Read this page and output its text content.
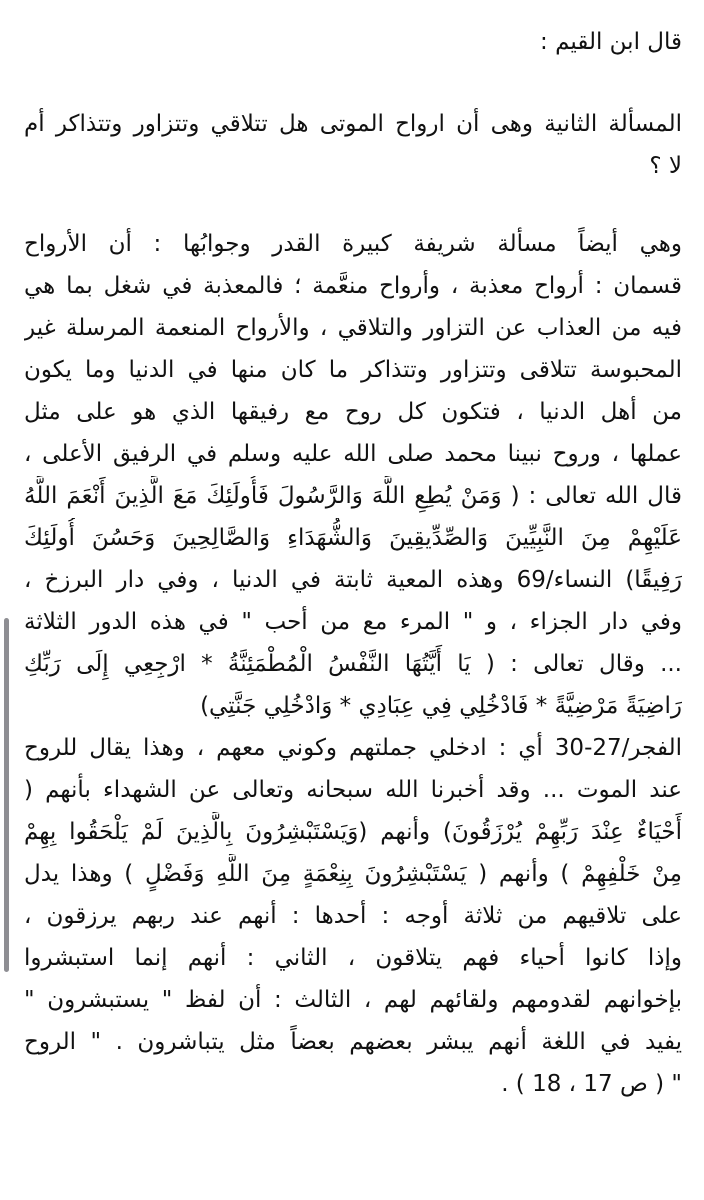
قال ابن القيم :
المسألة الثانية وهى أن ارواح الموتى هل تتلاقي وتتزاور وتتذاكر أم
لا ؟
وهي أيضاً مسألة شريفة كبيرة القدر وجوابُها : أن الأرواح
قسمان : أرواح معذبة ، وأرواح منعَّمة ؛ فالمعذبة في شغل بما هي
فيه من العذاب عن التزاور والتلاقي ، والأرواح المنعمة المرسلة غير
المحبوسة تتلاقى وتتزاور وتتذاكر ما كان منها في الدنيا وما يكون
من أهل الدنيا ، فتكون كل روح مع رفيقها الذي هو على مثل
عملها ، وروح نبينا محمد صلى الله عليه وسلم في الرفيق الأعلى ،
قال الله تعالى : ( وَمَنْ يُطِعِ اللَّهَ وَالرَّسُولَ فَأُولَئِكَ مَعَ الَّذِينَ أَنْعَمَ اللَّهُ
عَلَيْهِمْ مِنَ النَّبِيِّينَ وَالصِّدِّيقِينَ وَالشُّهَدَاءِ وَالصَّالِحِينَ وَحَسُنَ أُولَئِكَ
رَفِيقًا) النساء/69 وهذه المعية ثابتة في الدنيا ، وفي دار البرزخ ،
وفي دار الجزاء ، و " المرء مع من أحب " في هذه الدور الثلاثة
... وقال تعالى : ( يَا أَيَّتُهَا النَّفْسُ الْمُطْمَئِنَّةُ * ارْجِعِي إِلَى رَبِّكِ
رَاضِيَةً مَرْضِيَّةً * فَادْخُلِي فِي عِبَادِي * وَادْخُلِي جَنَّتِي)
الفجر/27-30 أي : ادخلي جملتهم وكوني معهم ، وهذا يقال للروح
عند الموت ... وقد أخبرنا الله سبحانه وتعالى عن الشهداء بأنهم (
أَحْيَاءٌ عِنْدَ رَبِّهِمْ يُرْزَقُونَ) وأنهم (وَيَسْتَبْشِرُونَ بِالَّذِينَ لَمْ يَلْحَقُوا بِهِمْ
مِنْ خَلْفِهِمْ ) وأنهم ( يَسْتَبْشِرُونَ بِنِعْمَةٍ مِنَ اللَّهِ وَفَضْلٍ ) وهذا يدل
على تلاقيهم من ثلاثة أوجه : أحدها : أنهم عند ربهم يرزقون ،
وإذا كانوا أحياء فهم يتلاقون ، الثاني : أنهم إنما استبشروا
بإخوانهم لقدومهم ولقائهم لهم ، الثالث : أن لفظ " يستبشرون "
يفيد في اللغة أنهم يبشر بعضهم بعضاً مثل يتباشرون . " الروح
" ( ص 17 ، 18 ) .
